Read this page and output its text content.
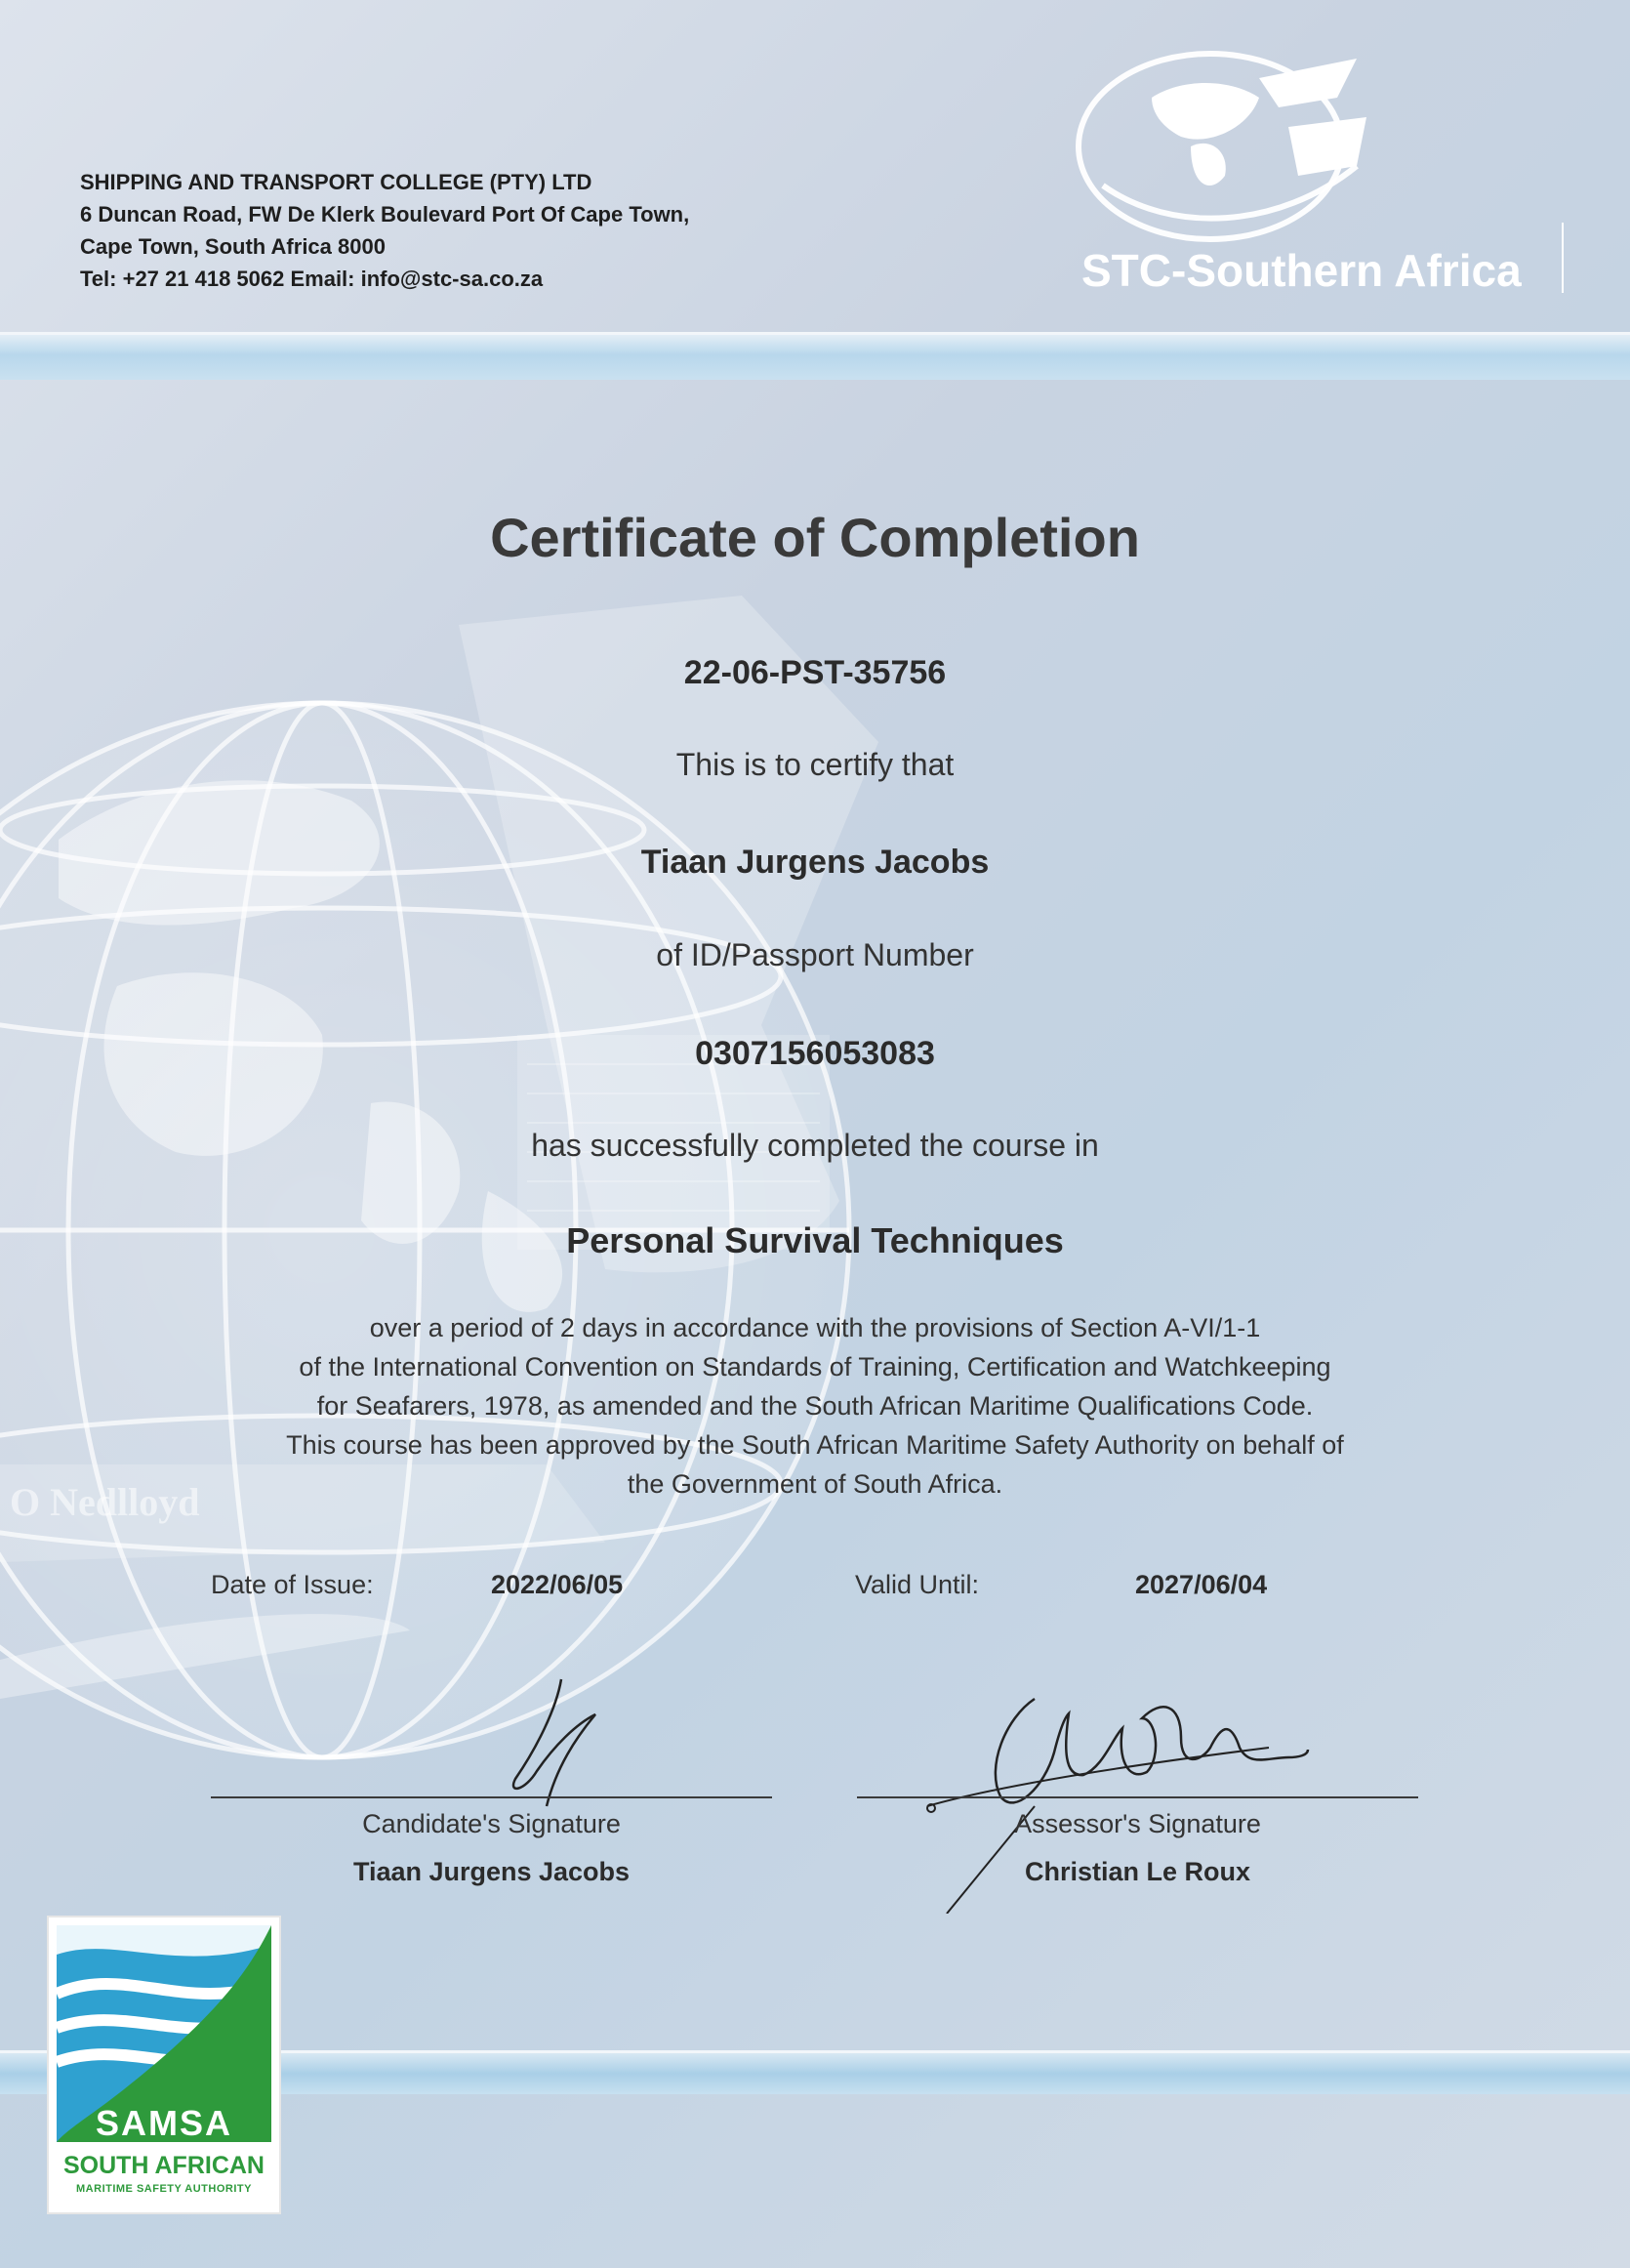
O Nedlloyd
SHIPPING AND TRANSPORT COLLEGE (PTY) LTD
6 Duncan Road, FW De Klerk Boulevard Port Of Cape Town,
Cape Town, South Africa 8000
Tel: +27 21 418 5062 Email: info@stc-sa.co.za	STC-Southern Africa
Certificate of Completion
22-06-PST-35756
This is to certify that
Tiaan Jurgens Jacobs
of ID/Passport Number
0307156053083
has successfully completed the course in
Personal Survival Techniques
over a period of 2 days in accordance with the provisions of Section A-VI/1-1
of the International Convention on Standards of Training, Certification and Watchkeeping
for Seafarers, 1978, as amended and the South African Maritime Qualifications Code.
This course has been approved by the South African Maritime Safety Authority on behalf of
the Government of South Africa.
Date of Issue:	2022/06/05	Valid Until:	2027/06/04
Candidate's Signature
Tiaan Jurgens Jacobs
Assessor's Signature
Christian Le Roux
SAMSA
SOUTH AFRICAN
MARITIME SAFETY AUTHORITY
